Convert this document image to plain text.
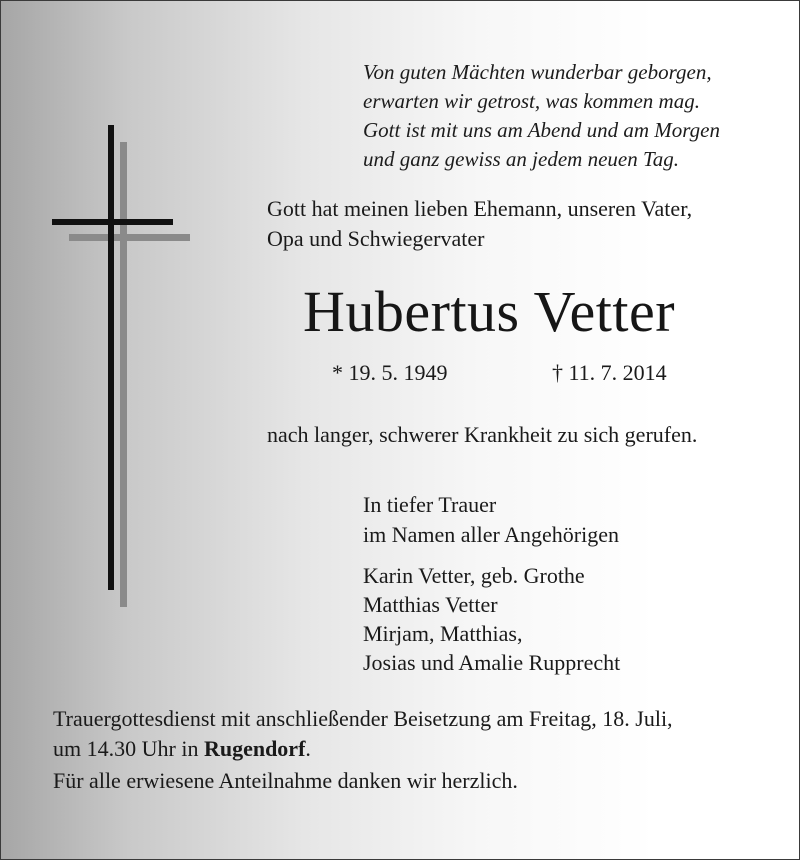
Von guten Mächten wunderbar geborgen,
erwarten wir getrost, was kommen mag.
Gott ist mit uns am Abend und am Morgen
und ganz gewiss an jedem neuen Tag.
Gott hat meinen lieben Ehemann, unseren Vater,
Opa und Schwiegervater
Hubertus Vetter
* 19. 5. 1949	† 11. 7. 2014
nach langer, schwerer Krankheit zu sich gerufen.
In tiefer Trauer
im Namen aller Angehörigen
Karin Vetter, geb. Grothe
Matthias Vetter
Mirjam, Matthias,
Josias und Amalie Rupprecht
Trauergottesdienst mit anschließender Beisetzung am Freitag, 18. Juli,
um 14.30 Uhr in Rugendorf.
Für alle erwiesene Anteilnahme danken wir herzlich.
